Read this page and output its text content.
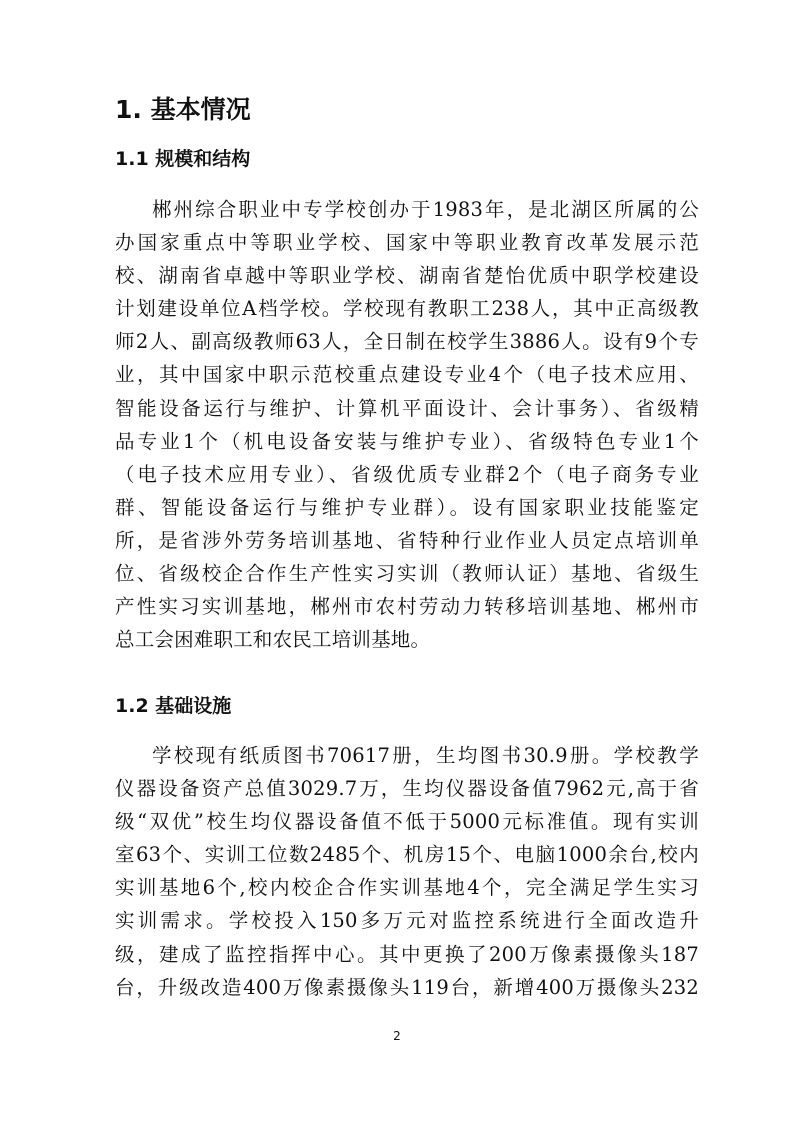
1. 基本情况
1.1 规模和结构
郴州综合职业中专学校创办于1983年，是北湖区所属的公
办国家重点中等职业学校、国家中等职业教育改革发展示范
校、湖南省卓越中等职业学校、湖南省楚怡优质中职学校建设
计划建设单位A档学校。学校现有教职工238人，其中正高级教
师2人、副高级教师63人，全日制在校学生3886人。设有9个专
业，其中国家中职示范校重点建设专业4个（电子技术应用、
智能设备运行与维护、计算机平面设计、会计事务）、省级精
品专业1个（机电设备安装与维护专业）、省级特色专业1个
（电子技术应用专业）、省级优质专业群2个（电子商务专业
群、智能设备运行与维护专业群）。设有国家职业技能鉴定
所，是省涉外劳务培训基地、省特种行业作业人员定点培训单
位、省级校企合作生产性实习实训（教师认证）基地、省级生
产性实习实训基地，郴州市农村劳动力转移培训基地、郴州市
总工会困难职工和农民工培训基地。
1.2 基础设施
学校现有纸质图书70617册，生均图书30.9册。学校教学
仪器设备资产总值3029.7万，生均仪器设备值7962元,高于省
级“双优”校生均仪器设备值不低于5000元标准值。现有实训
室63个、实训工位数2485个、机房15个、电脑1000余台,校内
实训基地6个,校内校企合作实训基地4个，完全满足学生实习
实训需求。学校投入150多万元对监控系统进行全面改造升
级，建成了监控指挥中心。其中更换了200万像素摄像头187
台，升级改造400万像素摄像头119台，新增400万摄像头232
2
